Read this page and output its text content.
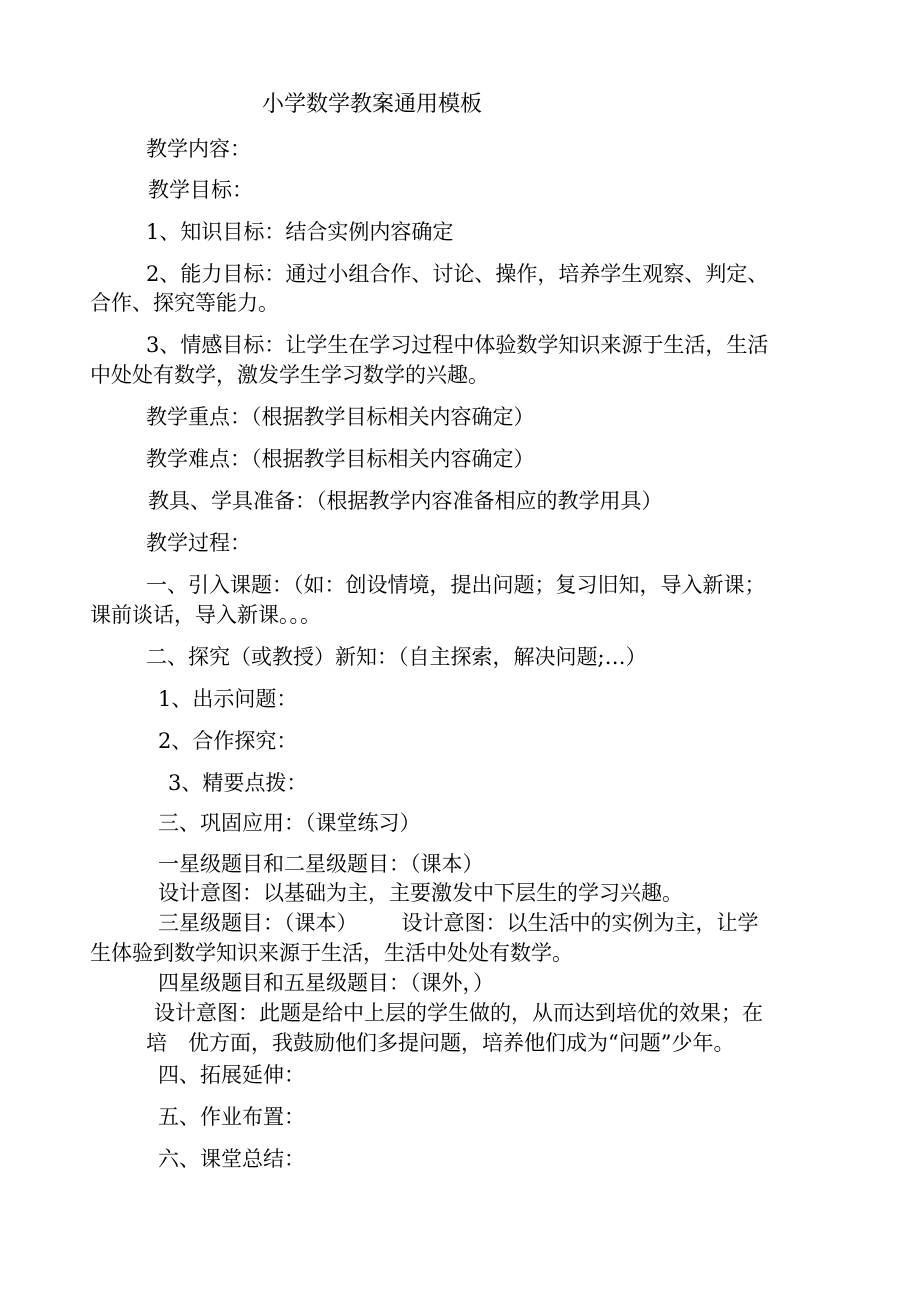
小学数学教案通用模板
教学内容：
教学目标：
1、知识目标：结合实例内容确定
2、能力目标：通过小组合作、讨论、操作，培养学生观察、判定、
合作、探究等能力。
3、情感目标：让学生在学习过程中体验数学知识来源于生活，生活
中处处有数学，激发学生学习数学的兴趣。
教学重点：（根据教学目标相关内容确定）
教学难点：（根据教学目标相关内容确定）
教具、学具准备：（根据教学内容准备相应的教学用具）
教学过程：
一、引入课题：（如：创设情境，提出问题；复习旧知，导入新课；
课前谈话，导入新课。。。
二、探究（或教授）新知：（自主探索，解决问题;…）
1、出示问题：
2、合作探究：
3、精要点拨：
三、巩固应用：（课堂练习）
一星级题目和二星级题目：（课本）
设计意图：以基础为主，主要激发中下层生的学习兴趣。
三星级题目：（课本） 设计意图：以生活中的实例为主，让学
生体验到数学知识来源于生活，生活中处处有数学。
四星级题目和五星级题目：（课外，）
设计意图：此题是给中上层的学生做的，从而达到培优的效果；在
培　优方面，我鼓励他们多提问题，培养他们成为“问题”少年。
四、拓展延伸：
五、作业布置：
六、课堂总结：
